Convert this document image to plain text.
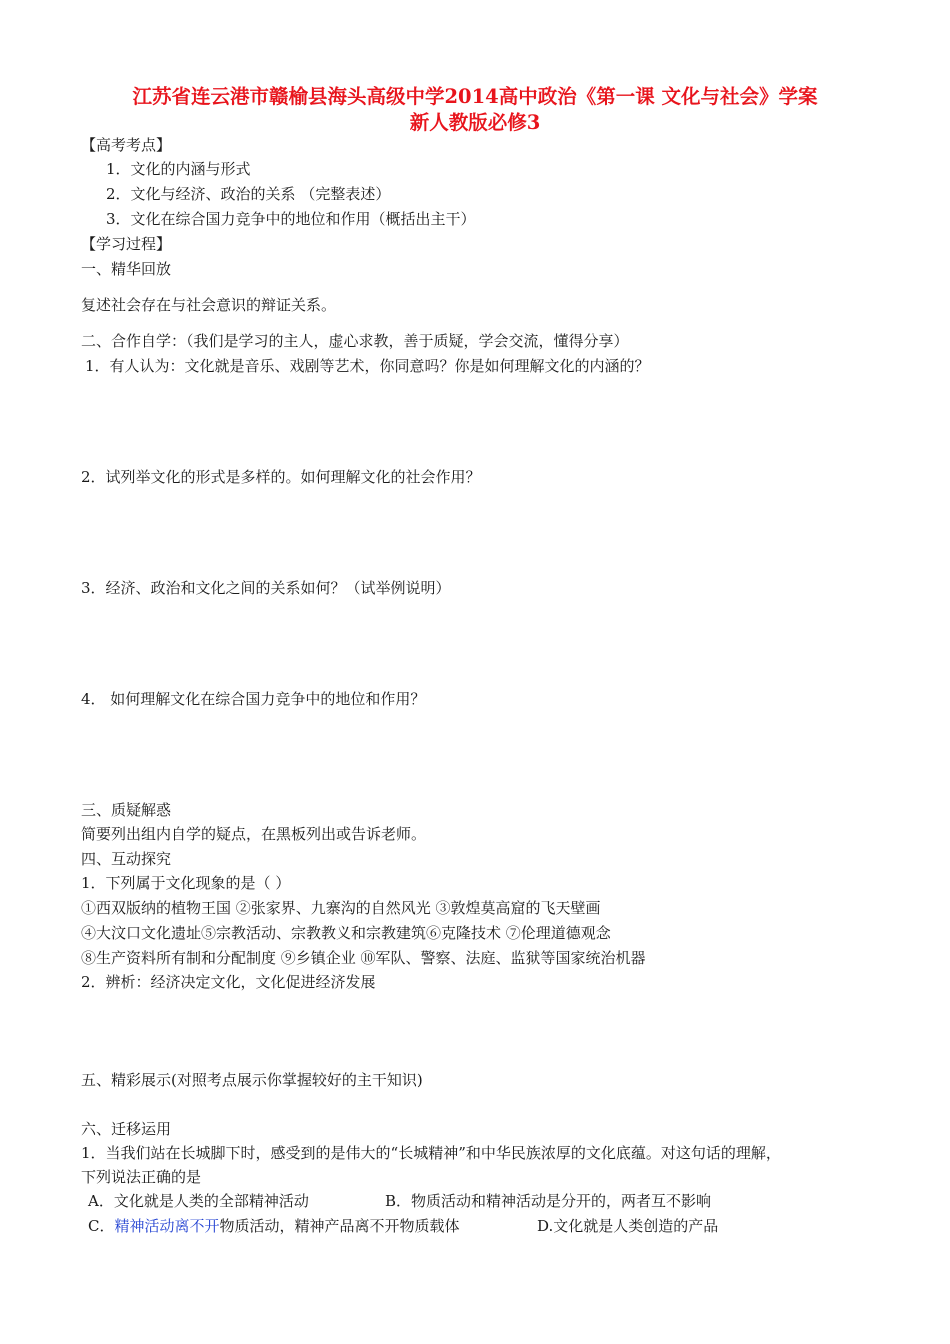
江苏省连云港市赣榆县海头高级中学2014高中政治《第一课 文化与社会》学案
新人教版必修3
【高考考点】
1．文化的内涵与形式
2．文化与经济、政治的关系 （完整表述）
3．文化在综合国力竞争中的地位和作用（概括出主干）
【学习过程】
一、精华回放
复述社会存在与社会意识的辩证关系。
二、合作自学：（我们是学习的主人，虚心求教，善于质疑，学会交流，懂得分享）
1．有人认为：文化就是音乐、戏剧等艺术，你同意吗？你是如何理解文化的内涵的？
2．试列举文化的形式是多样的。如何理解文化的社会作用？
3．经济、政治和文化之间的关系如何？（试举例说明）
4． 如何理解文化在综合国力竞争中的地位和作用？
三、质疑解惑
简要列出组内自学的疑点，在黑板列出或告诉老师。
四、互动探究
1．下列属于文化现象的是（ ）
①西双版纳的植物王国 ②张家界、九寨沟的自然风光 ③敦煌莫高窟的飞天壁画
④大汶口文化遗址⑤宗教活动、宗教教义和宗教建筑⑥克隆技术 ⑦伦理道德观念
⑧生产资料所有制和分配制度 ⑨乡镇企业 ⑩军队、警察、法庭、监狱等国家统治机器
2．辨析：经济决定文化，文化促进经济发展
五、精彩展示(对照考点展示你掌握较好的主干知识)
六、迁移运用
1．当我们站在长城脚下时，感受到的是伟大的“长城精神”和中华民族浓厚的文化底蕴。对这句话的理解，
下列说法正确的是
A．文化就是人类的全部精神活动	B．物质活动和精神活动是分开的，两者互不影响
C．精神活动离不开物质活动，精神产品离不开物质载体	D.文化就是人类创造的产品
